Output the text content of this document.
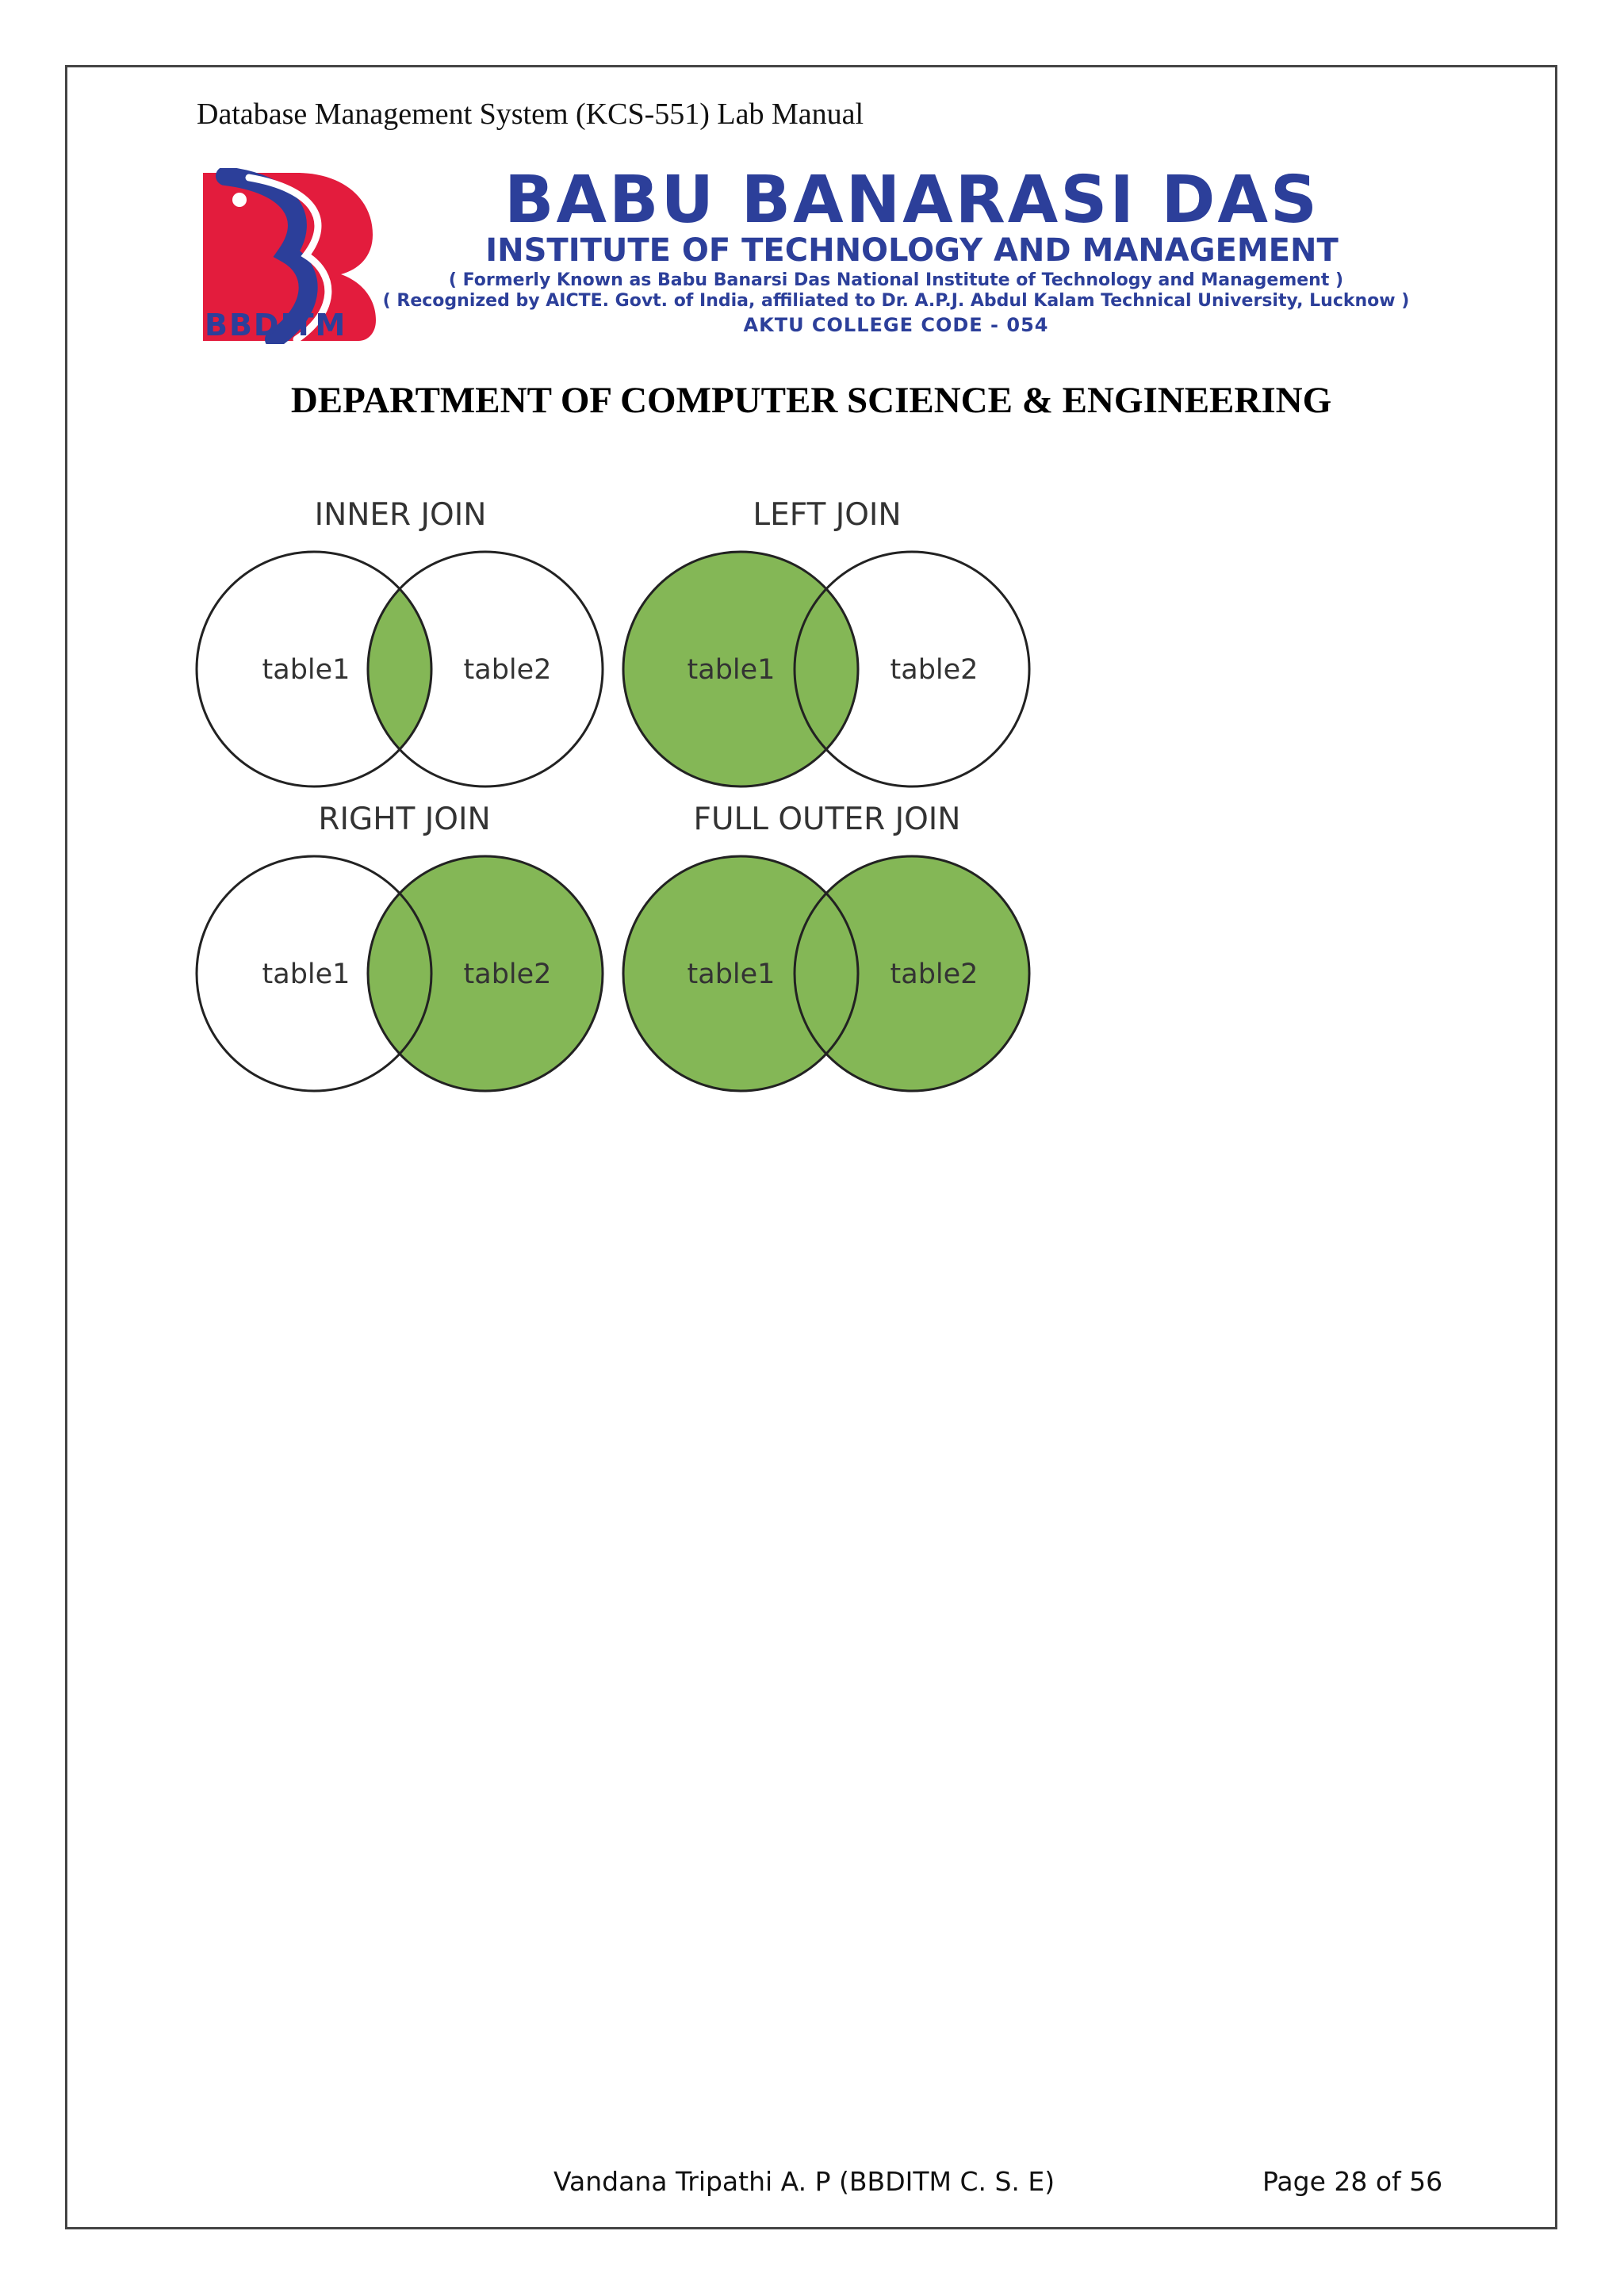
Database Management System (KCS-551) Lab Manual
BBDITM
BABU BANARASI DAS
INSTITUTE OF TECHNOLOGY AND MANAGEMENT
( Formerly Known as Babu Banarsi Das National Institute of Technology and Management )
( Recognized by AICTE. Govt. of India, affiliated to Dr. A.P.J. Abdul Kalam Technical University, Lucknow )
AKTU COLLEGE CODE - 054
DEPARTMENT OF COMPUTER SCIENCE & ENGINEERING
INNER JOIN
table1	table2
LEFT JOIN
table1	table2
RIGHT JOIN
table1	table2
FULL OUTER JOIN
table1	table2
Vandana Tripathi A. P (BBDITM C. S. E)	Page 28 of 56
